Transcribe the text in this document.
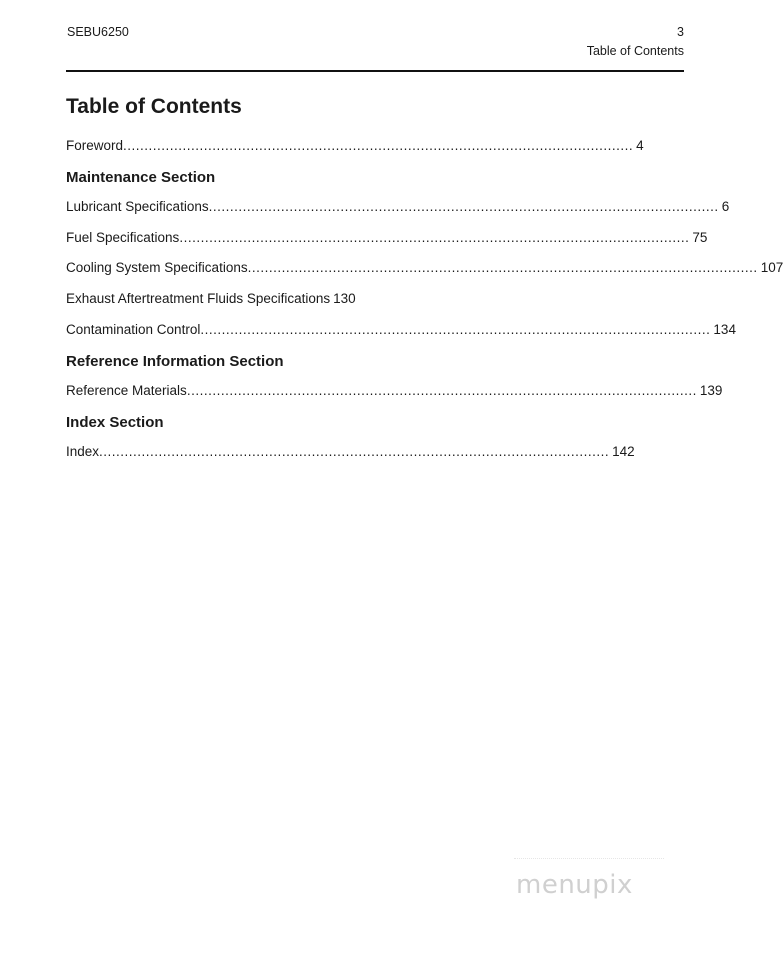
SEBU6250	3
Table of Contents
Table of Contents
Foreword ........................................................................................................................ 4
Maintenance Section
Lubricant Specifications ........................................................................................................................ 6
Fuel Specifications ........................................................................................................................ 75
Cooling System Specifications ........................................................................................................................ 107
Exhaust Aftertreatment Fluids Specifications 130
Contamination Control ........................................................................................................................ 134
Reference Information Section
Reference Materials ........................................................................................................................ 139
Index Section
Index ........................................................................................................................ 142
menupix
